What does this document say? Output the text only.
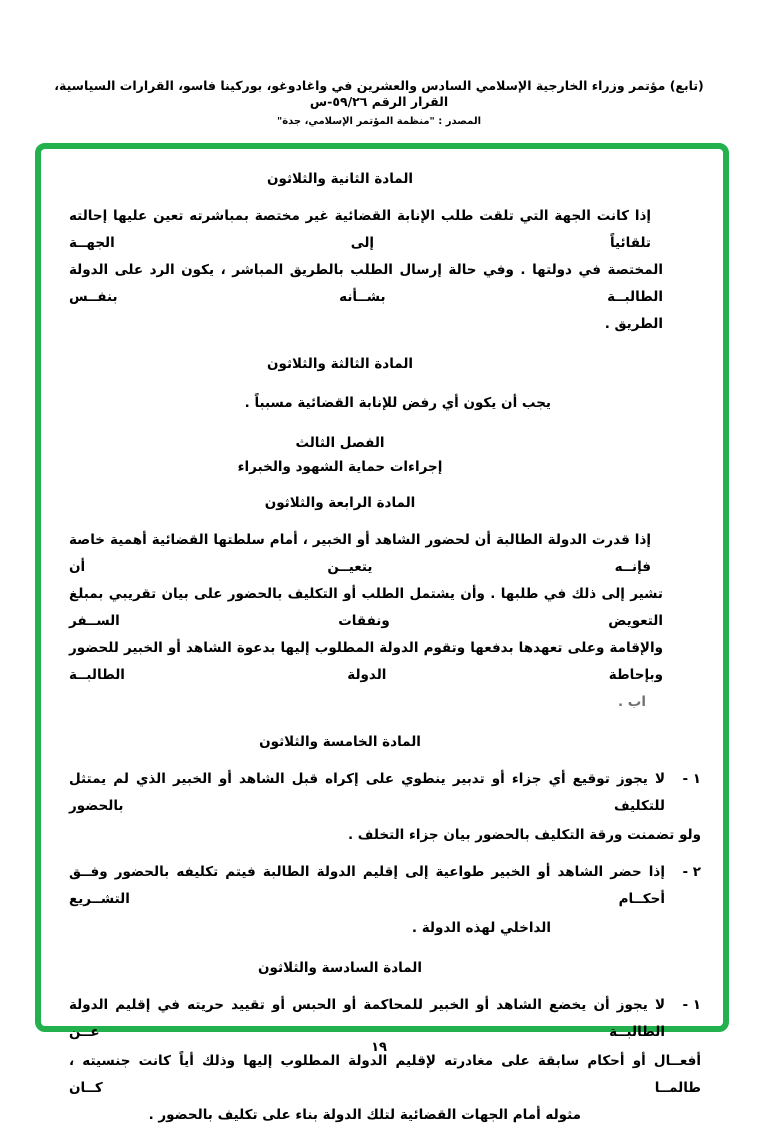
(تابع) مؤتمر وزراء الخارجية الإسلامي السادس والعشرين في واغادوغو، بوركينا فاسو، القرارات السياسية، القرار الرقم ٥٩/٢٦-س
المصدر : "منظمة المؤتمر الإسلامي، جدة"
المادة الثانية والثلاثون
إذا كانت الجهة التي تلقت طلب الإنابة القضائية غير مختصة بمباشرته تعين عليها إحالته تلقائياً إلى الجهــة
المختصة في دولتها . وفي حالة إرسال الطلب بالطريق المباشر ، يكون الرد على الدولة الطالبــة بشــأنه بنفــس
الطريق .
المادة الثالثة والثلاثون
يجب أن يكون أي رفض للإنابة القضائية مسبباً .
الفصل الثالث
إجراءات حماية الشهود والخبراء
المادة الرابعة والثلاثون
إذا قدرت الدولة الطالبة أن لحضور الشاهد أو الخبير ، أمام سلطتها القضائية أهمية خاصة فإنــه يتعيــن أن
تشير إلى ذلك في طلبها . وأن يشتمل الطلب أو التكليف بالحضور على بيان تقريبي بمبلغ التعويض ونفقات الســفر
والإقامة وعلى تعهدها بدفعها وتقوم الدولة المطلوب إليها بدعوة الشاهد أو الخبير للحضور وبإحاطة الدولة الطالبــة
اب .
المادة الخامسة والثلاثون
١ -
لا يجوز توقيع أي جزاء أو تدبير ينطوي على إكراه قبل الشاهد أو الخبير الذي لم يمتثل للتكليف بالحضور
ولو تضمنت ورقة التكليف بالحضور بيان جزاء التخلف .
٢ -
إذا حضر الشاهد أو الخبير طواعية إلى إقليم الدولة الطالبة فيتم تكليفه بالحضور وفــق أحكــام التشــريع
الداخلي لهذه الدولة .
المادة السادسة والثلاثون
١ -
لا يجوز أن يخضع الشاهد أو الخبير للمحاكمة أو الحبس أو تقييد حريته في إقليم الدولة الطالبــة عــن
أفعــال أو أحكام سابقة على مغادرته لإقليم الدولة المطلوب إليها وذلك أياً كانت جنسيته ، طالمــا كــان
مثوله أمام الجهات القضائية لتلك الدولة بناء على تكليف بالحضور .
١٩
